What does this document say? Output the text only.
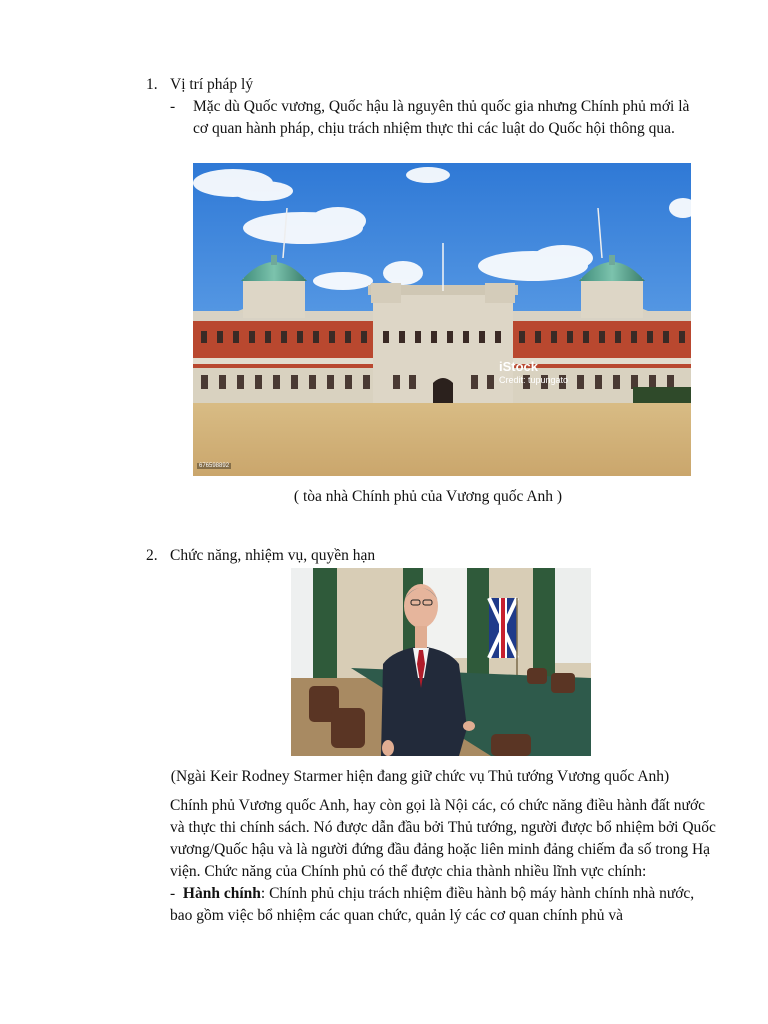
1. Vị trí pháp lý
- Mặc dù Quốc vương, Quốc hậu là nguyên thủ quốc gia nhưng Chính phủ mới là cơ quan hành pháp, chịu trách nhiệm thực thi các luật do Quốc hội thông qua.
iStock
Credit: tupungato
676598892
( tòa nhà Chính phủ của Vương quốc Anh )
2. Chức năng, nhiệm vụ, quyền hạn
(Ngài Keir Rodney Starmer hiện đang giữ chức vụ Thủ tướng Vương quốc Anh)

Chính phủ Vương quốc Anh, hay còn gọi là Nội các, có chức năng điều hành đất nước và thực thi chính sách. Nó được dẫn đầu bởi Thủ tướng, người được bổ nhiệm bởi Quốc vương/Quốc hậu và là người đứng đầu đảng hoặc liên minh đảng chiếm đa số trong Hạ viện. Chức năng của Chính phủ có thể được chia thành nhiều lĩnh vực chính:

- Hành chính: Chính phủ chịu trách nhiệm điều hành bộ máy hành chính nhà nước, bao gồm việc bổ nhiệm các quan chức, quản lý các cơ quan chính phủ và
